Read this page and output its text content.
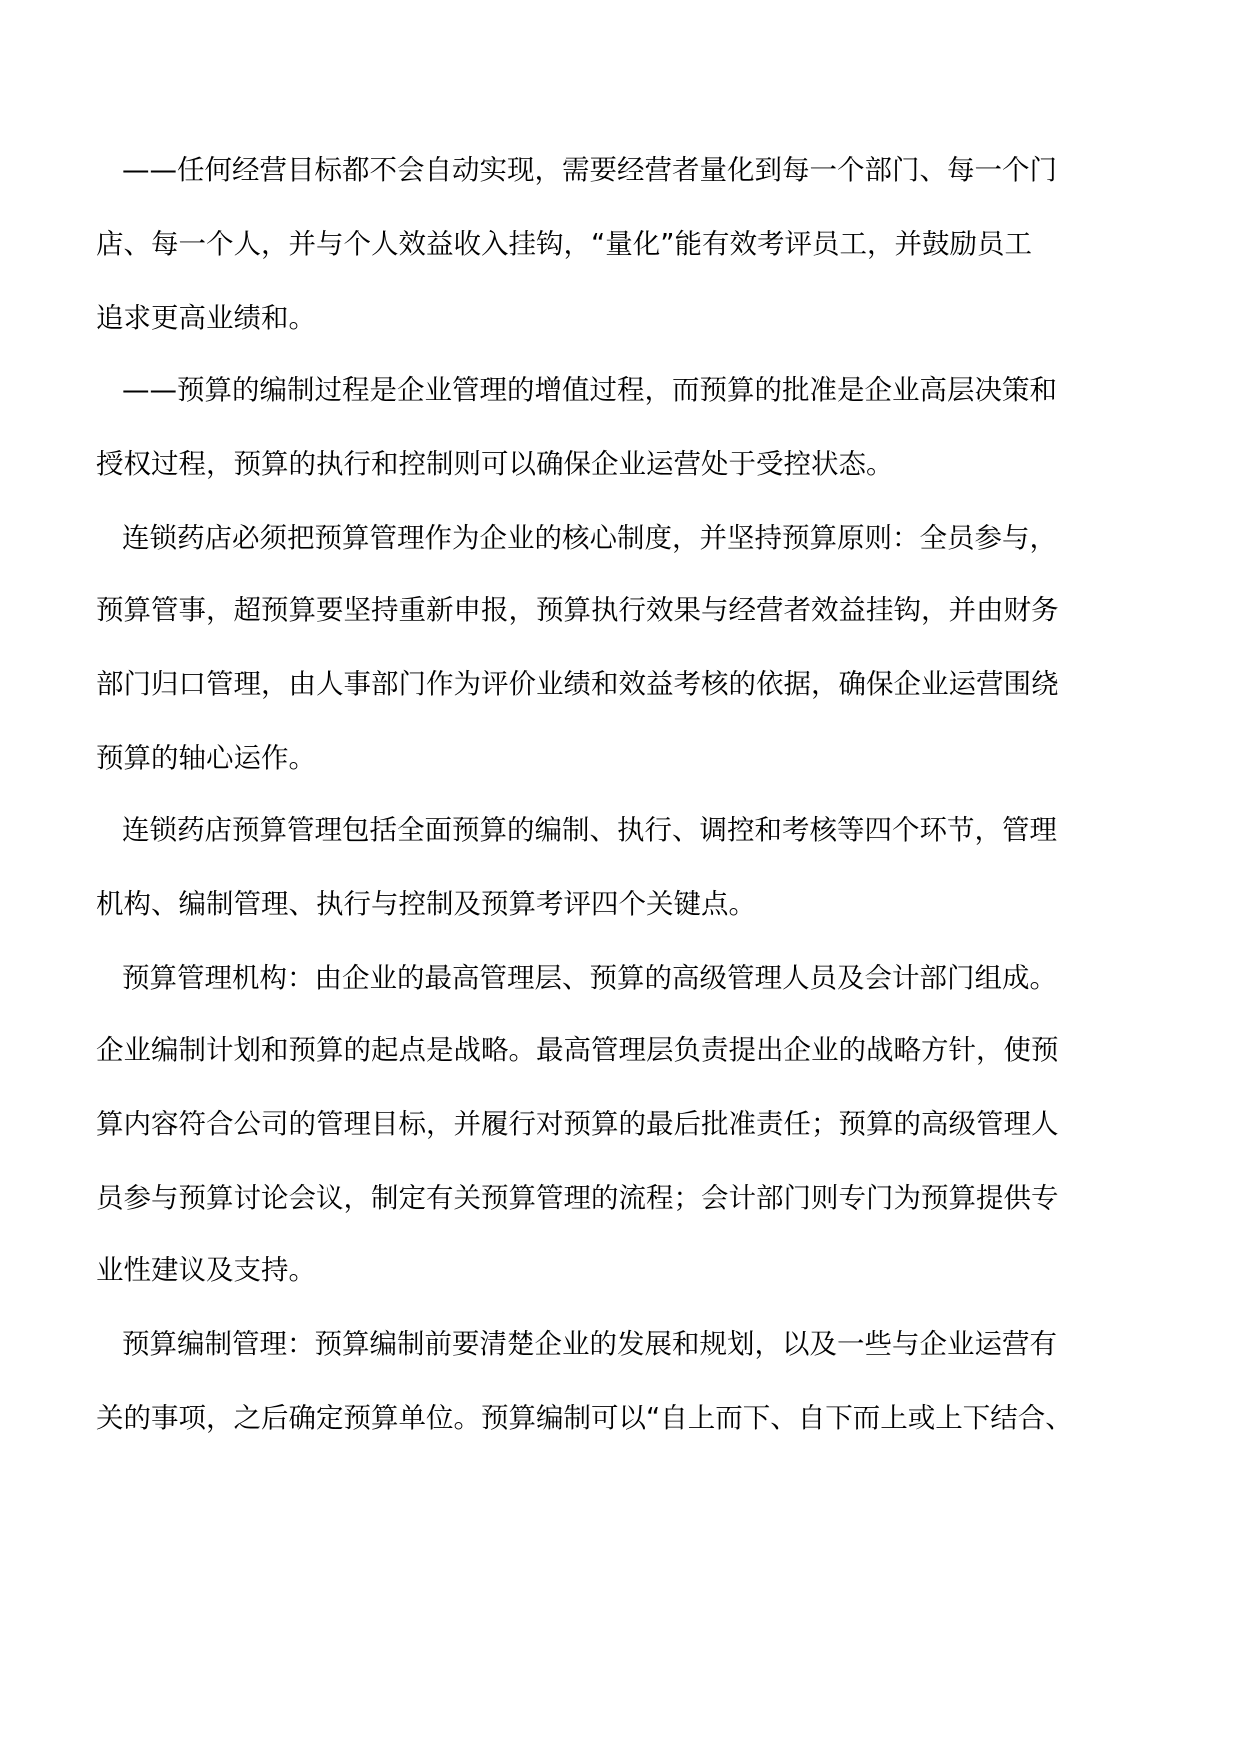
——任何经营目标都不会自动实现，需要经营者量化到每一个部门、每一个门
店、每一个人，并与个人效益收入挂钩，“量化”能有效考评员工，并鼓励员工
追求更高业绩和。
——预算的编制过程是企业管理的增值过程，而预算的批准是企业高层决策和
授权过程，预算的执行和控制则可以确保企业运营处于受控状态。
连锁药店必须把预算管理作为企业的核心制度，并坚持预算原则：全员参与，
预算管事，超预算要坚持重新申报，预算执行效果与经营者效益挂钩，并由财务
部门归口管理，由人事部门作为评价业绩和效益考核的依据，确保企业运营围绕
预算的轴心运作。
连锁药店预算管理包括全面预算的编制、执行、调控和考核等四个环节，管理
机构、编制管理、执行与控制及预算考评四个关键点。
预算管理机构：由企业的最高管理层、预算的高级管理人员及会计部门组成。
企业编制计划和预算的起点是战略。最高管理层负责提出企业的战略方针，使预
算内容符合公司的管理目标，并履行对预算的最后批准责任；预算的高级管理人
员参与预算讨论会议，制定有关预算管理的流程；会计部门则专门为预算提供专
业性建议及支持。
预算编制管理：预算编制前要清楚企业的发展和规划，以及一些与企业运营有
关的事项，之后确定预算单位。预算编制可以“自上而下、自下而上或上下结合、
